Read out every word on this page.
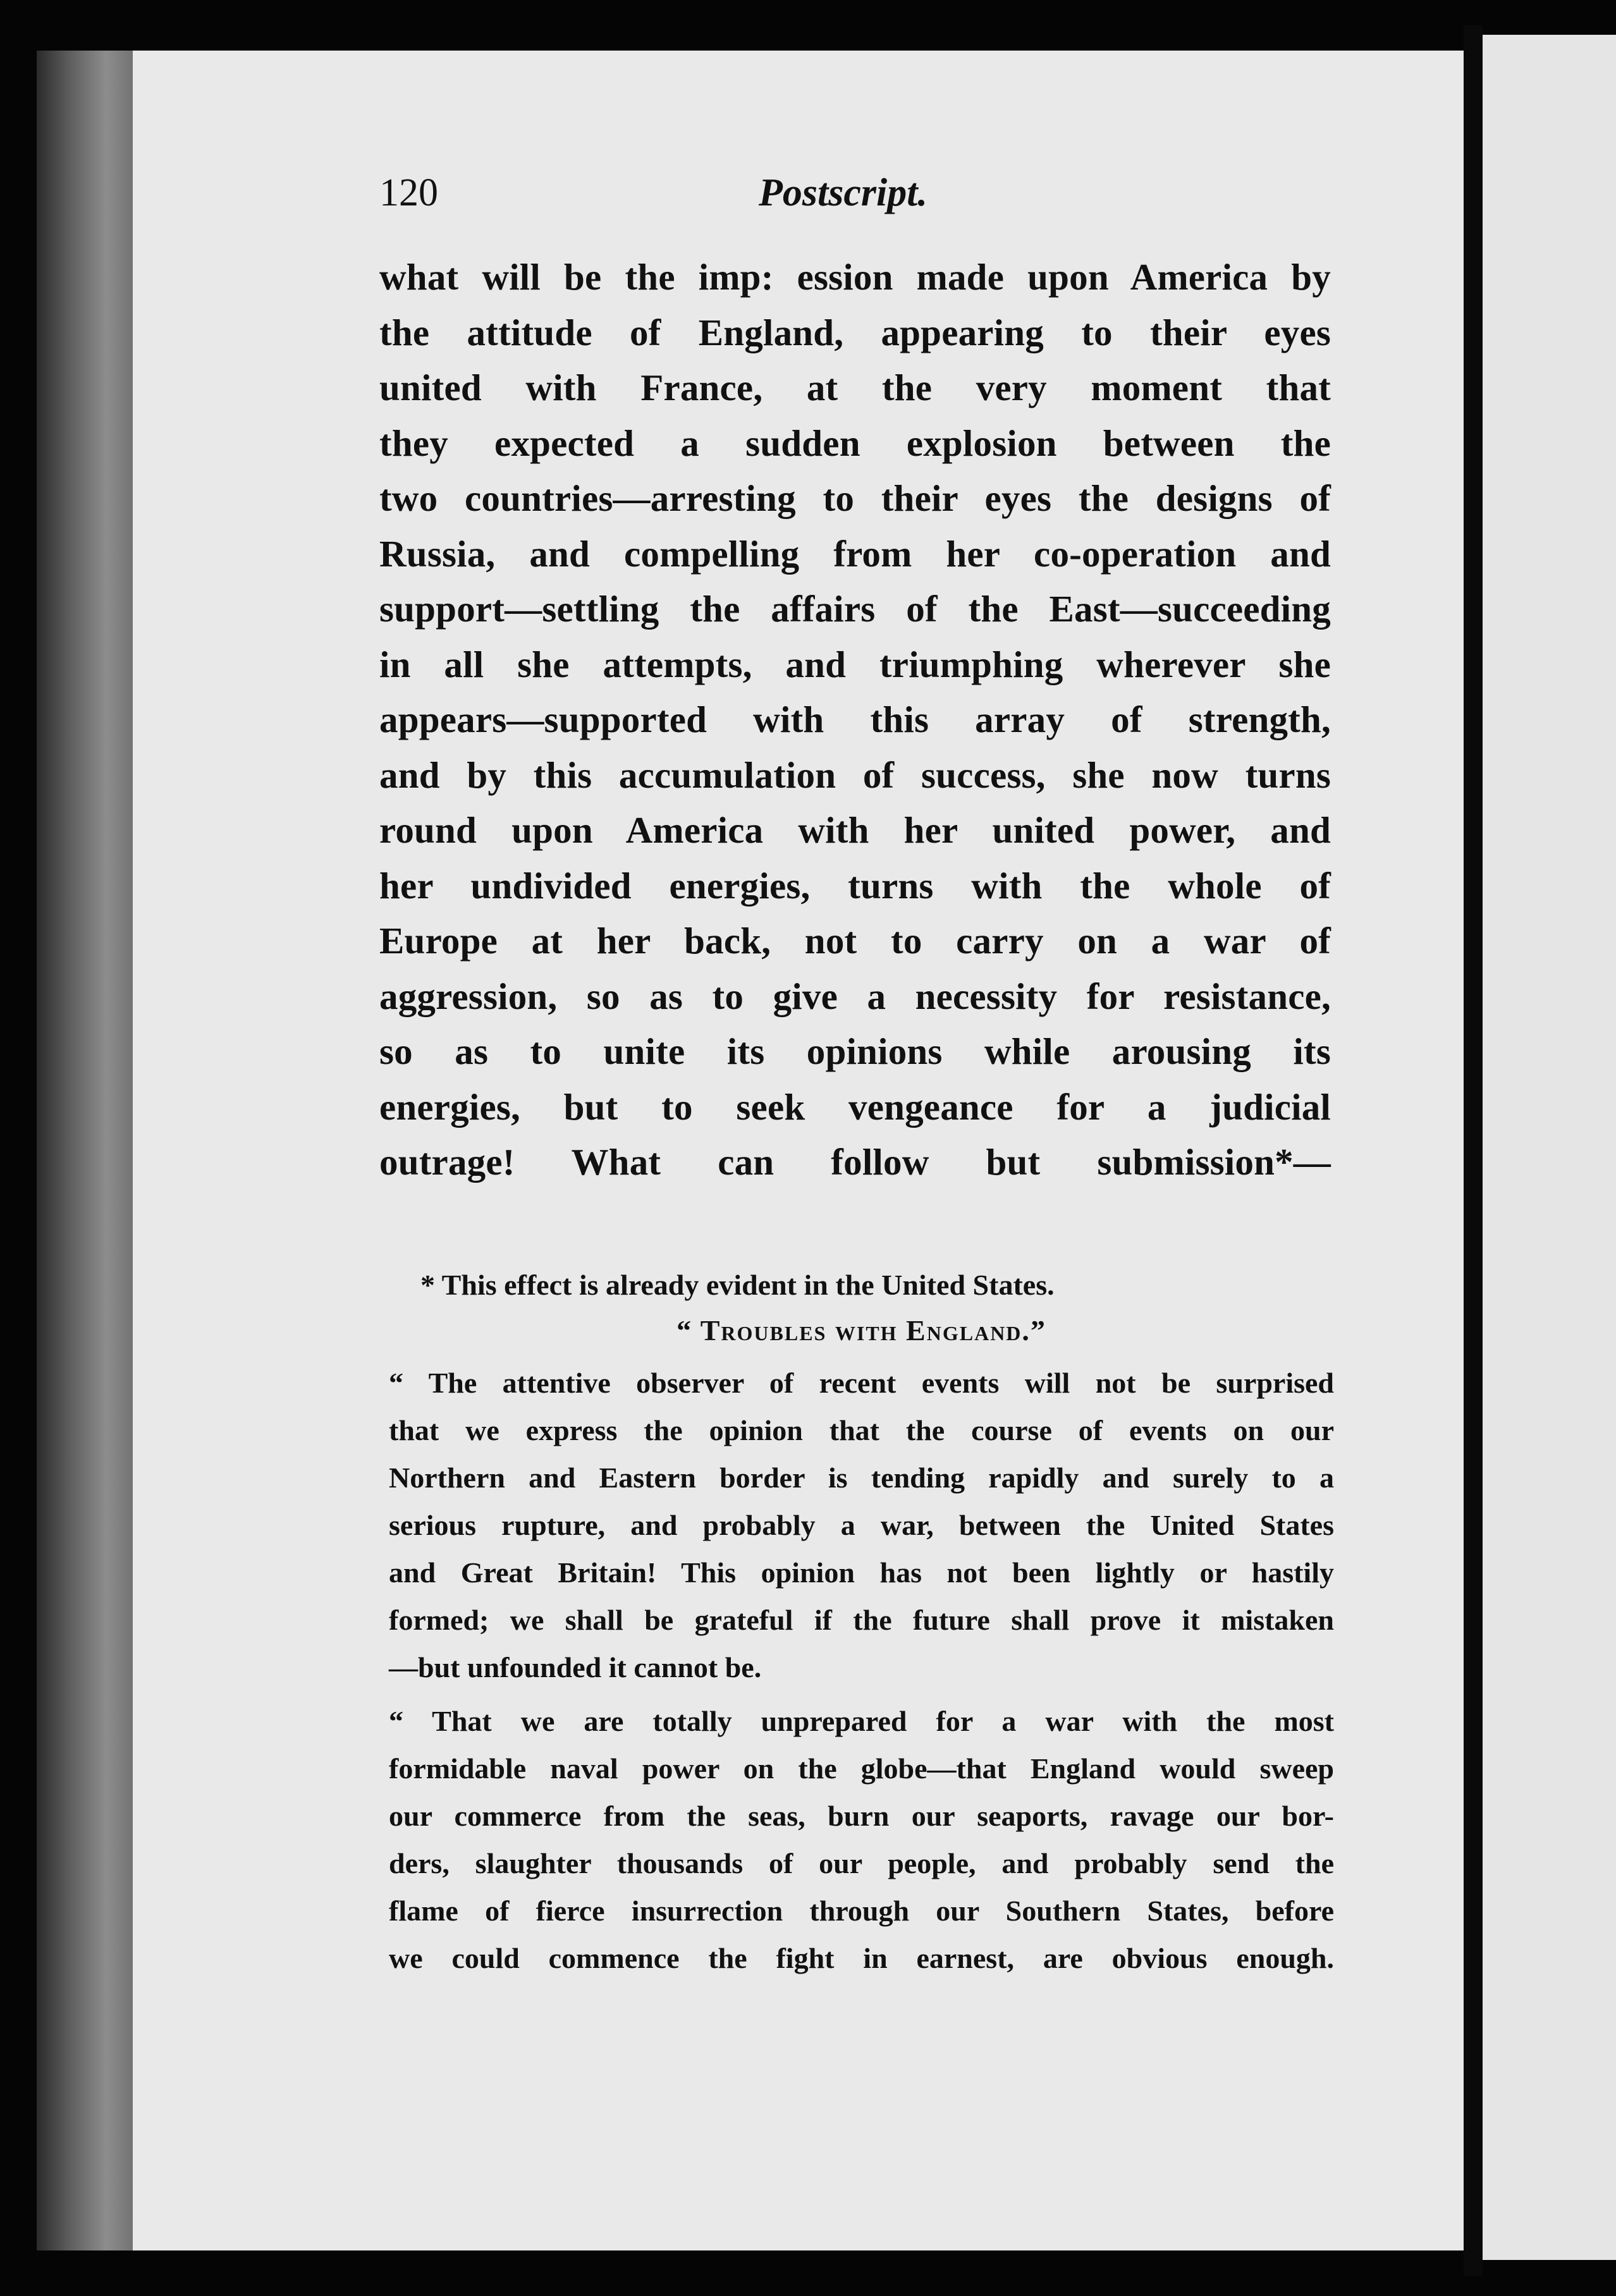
120	Postscript.
what will be the imp: ession made upon America by
the attitude of England, appearing to their eyes
united with France, at the very moment that
they expected a sudden explosion between the
two countries—arresting to their eyes the designs of
Russia, and compelling from her co-operation and
support—settling the affairs of the East—succeeding
in all she attempts, and triumphing wherever she
appears—supported with this array of strength,
and by this accumulation of success, she now turns
round upon America with her united power, and
her undivided energies, turns with the whole of
Europe at her back, not to carry on a war of
aggression, so as to give a necessity for resistance,
so as to unite its opinions while arousing its
energies, but to seek vengeance for a judicial
outrage! What can follow but submission*—
* This effect is already evident in the United States.
“ Troubles with England.”
“ The attentive observer of recent events will not be surprised
that we express the opinion that the course of events on our
Northern and Eastern border is tending rapidly and surely to a
serious rupture, and probably a war, between the United States
and Great Britain! This opinion has not been lightly or hastily
formed; we shall be grateful if the future shall prove it mistaken
—but unfounded it cannot be.
“ That we are totally unprepared for a war with the most
formidable naval power on the globe—that England would sweep
our commerce from the seas, burn our seaports, ravage our bor-
ders, slaughter thousands of our people, and probably send the
flame of fierce insurrection through our Southern States, before
we could commence the fight in earnest, are obvious enough.
